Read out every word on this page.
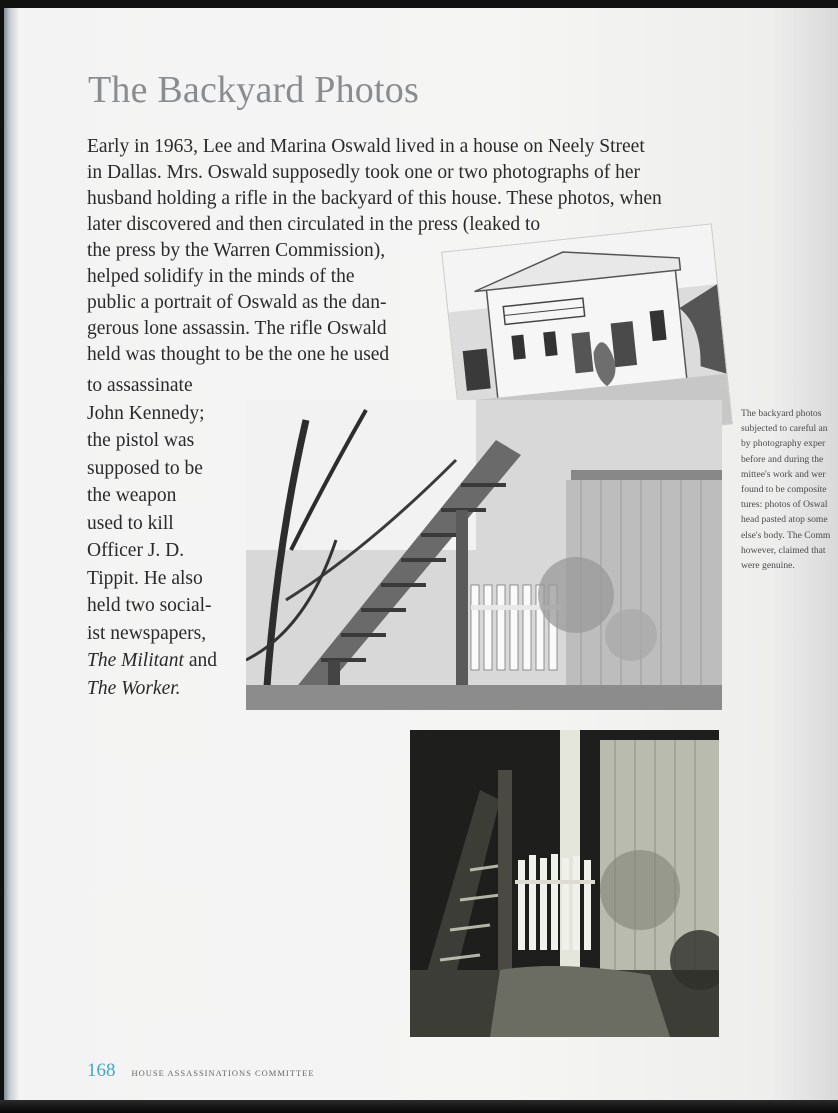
The Backyard Photos
Early in 1963, Lee and Marina Oswald lived in a house on Neely Street
in Dallas. Mrs. Oswald supposedly took one or two photographs of her
husband holding a rifle in the backyard of this house. These photos, when
later discovered and then circulated in the press (leaked to
the press by the Warren Commission),
helped solidify in the minds of the
public a portrait of Oswald as the dan-
gerous lone assassin. The rifle Oswald
held was thought to be the one he used
to assassinate
John Kennedy;
the pistol was
supposed to be
the weapon
used to kill
Officer J. D.
Tippit. He also
held two social-
ist newspapers,
The Militant and
The Worker.
The backyard photos
subjected to careful an
by photography exper
before and during the
mittee's work and wer
found to be composite
tures: photos of Oswal
head pasted atop some
else's body. The Comm
however, claimed that
were genuine.
168 HOUSE ASSASSINATIONS COMMITTEE
